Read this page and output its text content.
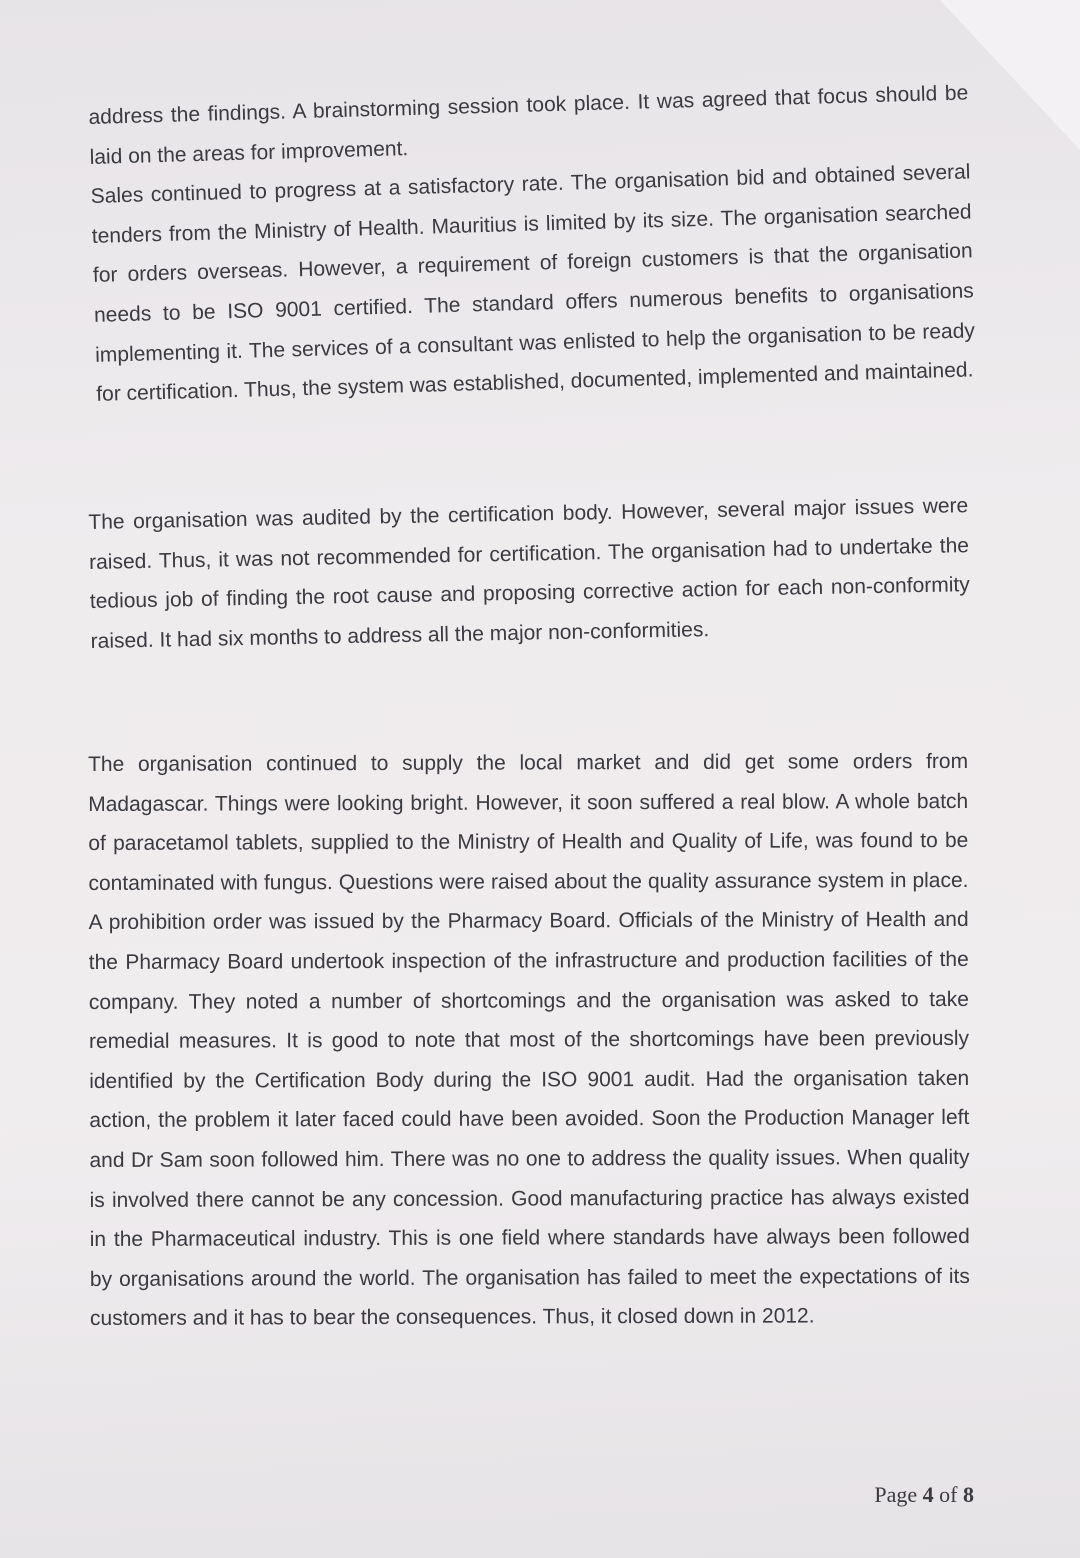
address the findings. A brainstorming session took place. It was agreed that focus should be laid on the areas for improvement.

Sales continued to progress at a satisfactory rate. The organisation bid and obtained several tenders from the Ministry of Health. Mauritius is limited by its size. The organisation searched for orders overseas. However, a requirement of foreign customers is that the organisation needs to be ISO 9001 certified. The standard offers numerous benefits to organisations implementing it. The services of a consultant was enlisted to help the organisation to be ready for certification. Thus, the system was established, documented, implemented and maintained.

The organisation was audited by the certification body. However, several major issues were raised. Thus, it was not recommended for certification. The organisation had to undertake the tedious job of finding the root cause and proposing corrective action for each non-conformity raised. It had six months to address all the major non-conformities.

The organisation continued to supply the local market and did get some orders from Madagascar. Things were looking bright. However, it soon suffered a real blow. A whole batch of paracetamol tablets, supplied to the Ministry of Health and Quality of Life, was found to be contaminated with fungus. Questions were raised about the quality assurance system in place. A prohibition order was issued by the Pharmacy Board. Officials of the Ministry of Health and the Pharmacy Board undertook inspection of the infrastructure and production facilities of the company. They noted a number of shortcomings and the organisation was asked to take remedial measures. It is good to note that most of the shortcomings have been previously identified by the Certification Body during the ISO 9001 audit. Had the organisation taken action, the problem it later faced could have been avoided. Soon the Production Manager left and Dr Sam soon followed him. There was no one to address the quality issues. When quality is involved there cannot be any concession. Good manufacturing practice has always existed in the Pharmaceutical industry. This is one field where standards have always been followed by organisations around the world. The organisation has failed to meet the expectations of its customers and it has to bear the consequences. Thus, it closed down in 2012.

Page 4 of 8
